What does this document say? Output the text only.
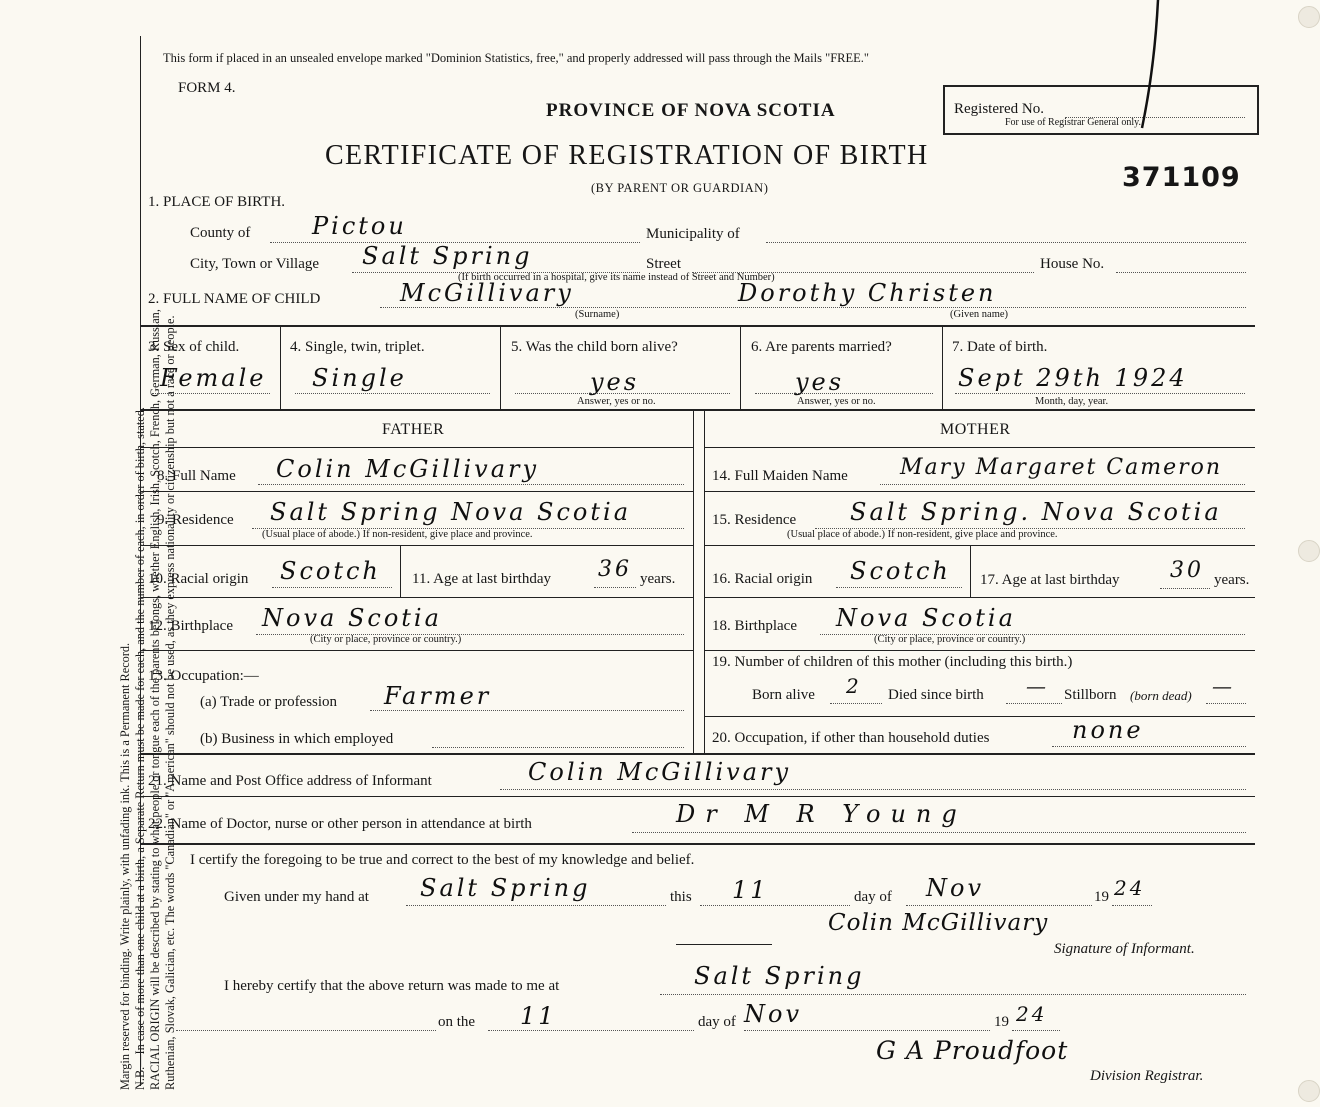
Margin reserved for binding. Write plainly, with unfading ink. This is a Permanent Record. N.B.—In case of more than one child at a birth, a Separate Return must be made for each, and the number of each, in order of birth, stated. RACIAL ORIGIN will be described by stating to what people or tongue each of the parents belongs, whether English, Irish, Scotch, French, German, Russian, Ruthenian, Slovak, Galician, etc. The words "Canadian" or "American" should not be used, as they express nationality or citizenship but not a race or people.

This form if placed in an unsealed envelope marked "Dominion Statistics, free," and properly addressed will pass through the Mails "FREE."
FORM 4.
PROVINCE OF NOVA SCOTIA
CERTIFICATE OF REGISTRATION OF BIRTH
(BY PARENT OR GUARDIAN)
Registered No.
For use of Registrar General only.
371109
1. PLACE OF BIRTH.
County of	Pictou	Municipality of
City, Town or Village Salt Spring	Street	House No.
(If birth occurred in a hospital, give its name instead of Street and Number)
2. FULL NAME OF CHILD	McGillivary	Dorothy Christen
(Surname)	(Given name)
3. Sex of child.
Female
4. Single, twin, triplet.
Single
5. Was the child born alive?
yes
Answer, yes or no.
6. Are parents married?
yes
Answer, yes or no.
7. Date of birth.
Sept 29th 1924
Month, day, year.
FATHER	MOTHER
8. Full Name Colin McGillivary	14. Full Maiden Name Mary Margaret Cameron
9. Residence Salt Spring Nova Scotia
(Usual place of abode.) If non-resident, give place and province.
15. Residence Salt Spring. Nova Scotia
(Usual place of abode.) If non-resident, give place and province.
10. Racial origin Scotch 11. Age at last birthday 36 years. 16. Racial origin Scotch 17. Age at last birthday 30 years.
12. Birthplace Nova Scotia
(City or place, province or country.)
18. Birthplace Nova Scotia
(City or place, province or country.)
13. Occupation:—
(a) Trade or profession Farmer
(b) Business in which employed
19. Number of children of this mother (including this birth.)
Born alive 2 Died since birth — Stillborn (born dead) —
20. Occupation, if other than household duties	none
21. Name and Post Office address of Informant	Colin McGillivary
22. Name of Doctor, nurse or other person in attendance at birth	Dr M R Young
I certify the foregoing to be true and correct to the best of my knowledge and belief.
Given under my hand at Salt Spring	this 11	day of Nov	19 24
Colin McGillivary
Signature of Informant.
I hereby certify that the above return was made to me at	Salt Spring
on the 11	day of Nov	19 24
G A Proudfoot
Division Registrar.
